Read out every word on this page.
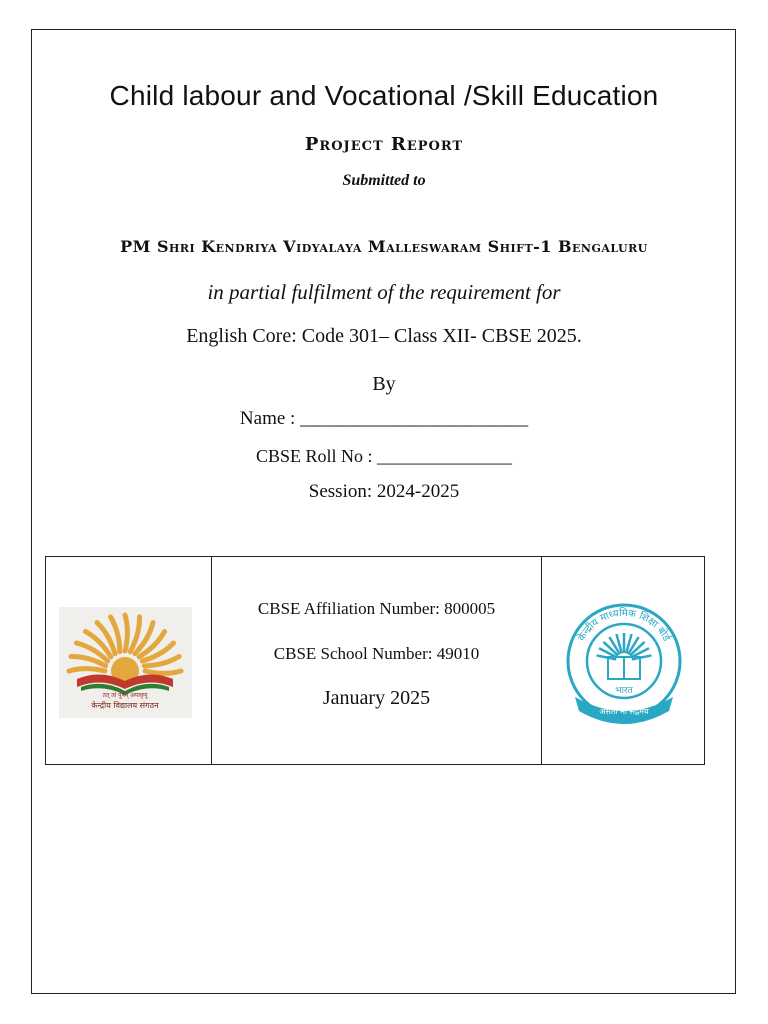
Child labour and Vocational /Skill Education
Project Report
Submitted to
PM Shri Kendriya Vidyalaya Malleswaram Shift-1 Bengaluru
in partial fulfilment of the requirement for
English Core: Code 301– Class XII- CBSE 2025.
By
Name : ________________________
CBSE Roll No : _______________
Session: 2024-2025
तत् त्वं पूषन् अपावृणु
केन्द्रीय विद्यालय संगठन
CBSE Affiliation Number: 800005
CBSE School Number: 49010
January 2025
केन्द्रीय माध्यमिक शिक्षा बोर्ड
भारत
असतो मा सद्गमय
